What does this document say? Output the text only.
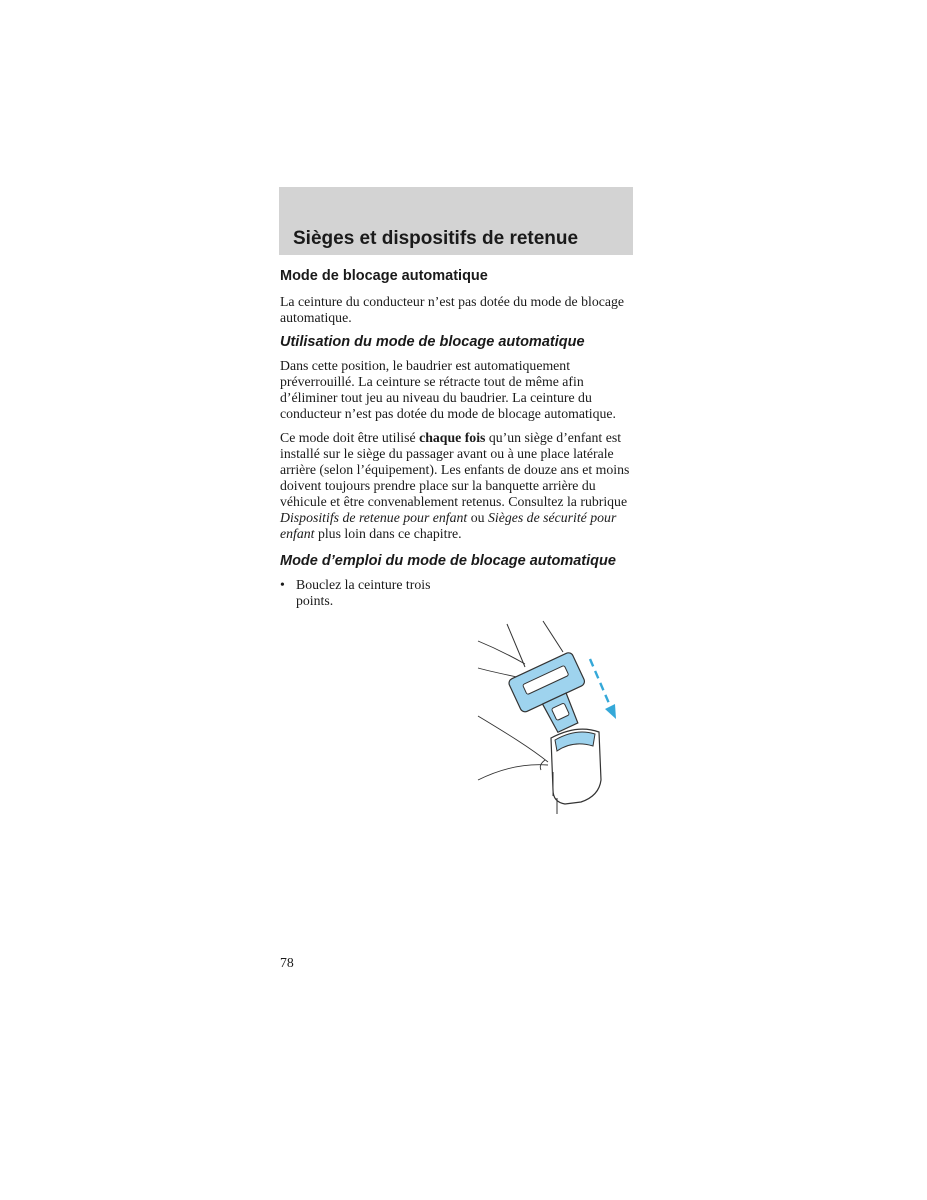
Sièges et dispositifs de retenue
Mode de blocage automatique

La ceinture du conducteur n’est pas dotée du mode de blocage automatique.

Utilisation du mode de blocage automatique

Dans cette position, le baudrier est automatiquement préverrouillé. La ceinture se rétracte tout de même afin d’éliminer tout jeu au niveau du baudrier. La ceinture du conducteur n’est pas dotée du mode de blocage automatique.

Ce mode doit être utilisé chaque fois qu’un siège d’enfant est installé sur le siège du passager avant ou à une place latérale arrière (selon l’équipement). Les enfants de douze ans et moins doivent toujours prendre place sur la banquette arrière du véhicule et être convenablement retenus. Consultez la rubrique Dispositifs de retenue pour enfant ou Sièges de sécurité pour enfant plus loin dans ce chapitre.

Mode d’emploi du mode de blocage automatique
• Bouclez la ceinture trois points.
78
